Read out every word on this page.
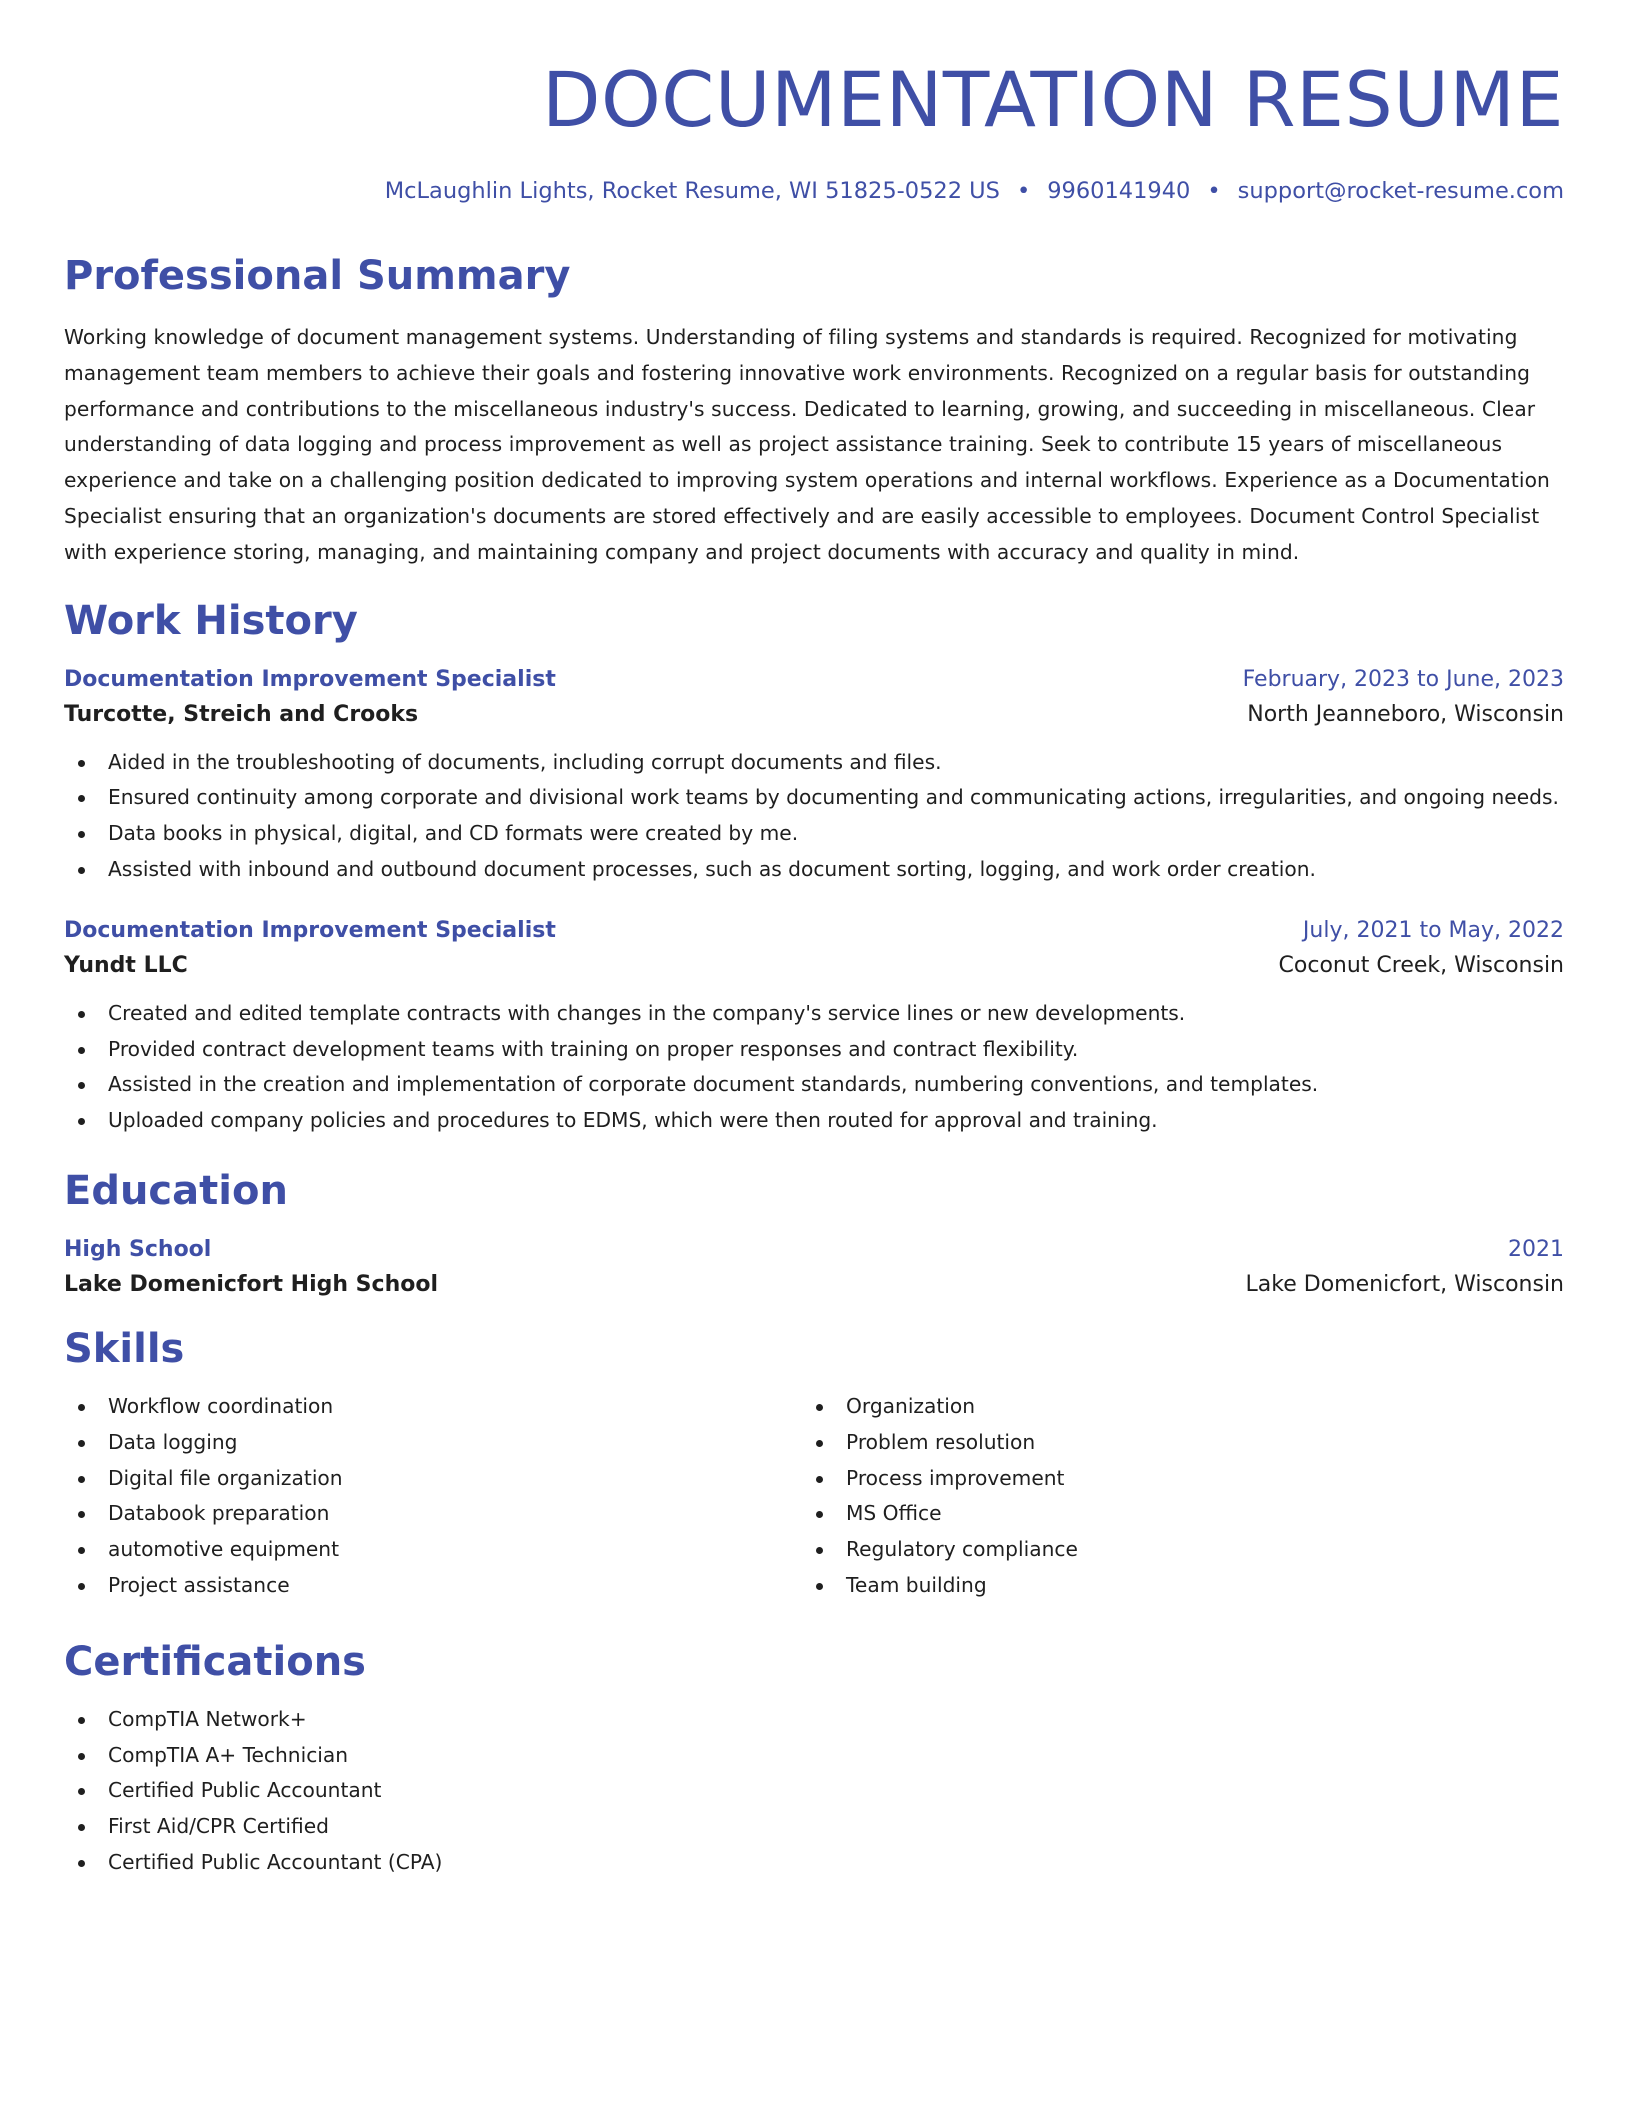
DOCUMENTATION RESUME
McLaughlin Lights, Rocket Resume, WI 51825-0522 US • 9960141940 • support@rocket-resume.com
Professional Summary
Working knowledge of document management systems. Understanding of filing systems and standards is required. Recognized for motivating management team members to achieve their goals and fostering innovative work environments. Recognized on a regular basis for outstanding performance and contributions to the miscellaneous industry's success. Dedicated to learning, growing, and succeeding in miscellaneous. Clear understanding of data logging and process improvement as well as project assistance training. Seek to contribute 15 years of miscellaneous experience and take on a challenging position dedicated to improving system operations and internal workflows. Experience as a Documentation Specialist ensuring that an organization's documents are stored effectively and are easily accessible to employees. Document Control Specialist with experience storing, managing, and maintaining company and project documents with accuracy and quality in mind.
Work History
Documentation Improvement Specialist	February, 2023 to June, 2023
Turcotte, Streich and Crooks	North Jeanneboro, Wisconsin
Aided in the troubleshooting of documents, including corrupt documents and files.
Ensured continuity among corporate and divisional work teams by documenting and communicating actions, irregularities, and ongoing needs.
Data books in physical, digital, and CD formats were created by me.
Assisted with inbound and outbound document processes, such as document sorting, logging, and work order creation.
Documentation Improvement Specialist	July, 2021 to May, 2022
Yundt LLC	Coconut Creek, Wisconsin
Created and edited template contracts with changes in the company's service lines or new developments.
Provided contract development teams with training on proper responses and contract flexibility.
Assisted in the creation and implementation of corporate document standards, numbering conventions, and templates.
Uploaded company policies and procedures to EDMS, which were then routed for approval and training.
Education
High School	2021
Lake Domenicfort High School	Lake Domenicfort, Wisconsin
Skills
Workflow coordination
Data logging
Digital file organization
Databook preparation
automotive equipment
Project assistance
Organization
Problem resolution
Process improvement
MS Office
Regulatory compliance
Team building
Certifications
CompTIA Network+
CompTIA A+ Technician
Certified Public Accountant
First Aid/CPR Certified
Certified Public Accountant (CPA)
